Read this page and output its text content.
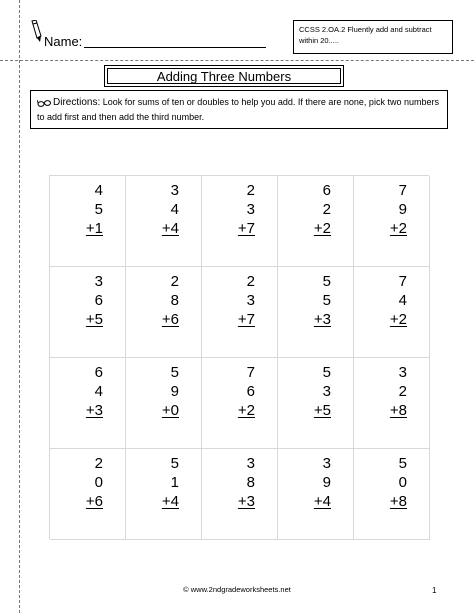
Name:
CCSS 2.OA.2 Fluently add and subtract within 20.....
Adding Three Numbers
Directions: Look for sums of ten or doubles to help you add. If there are none, pick two numbers to add first and then add the third number.
4
5
+1
3
4
+4
2
3
+7
6
2
+2
7
9
+2
3
6
+5
2
8
+6
2
3
+7
5
5
+3
7
4
+2
6
4
+3
5
9
+0
7
6
+2
5
3
+5
3
2
+8
2
0
+6
5
1
+4
3
8
+3
3
9
+4
5
0
+8
© www.2ndgradeworksheets.net	1
